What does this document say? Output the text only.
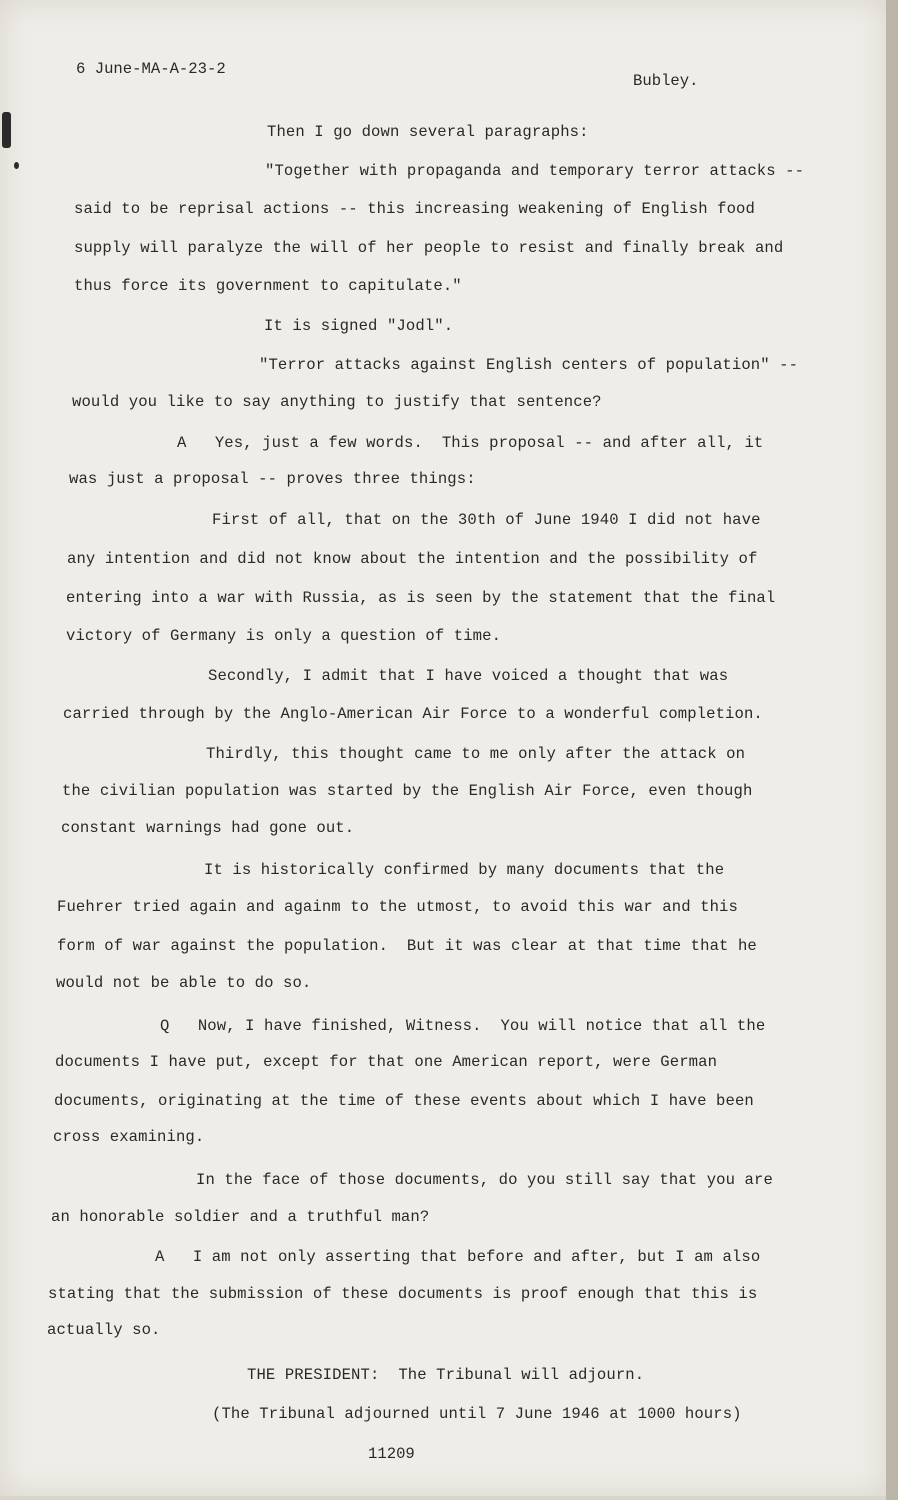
6 June-MA-A-23-2
Bubley.
Then I go down several paragraphs:
"Together with propaganda and temporary terror attacks --
said to be reprisal actions -- this increasing weakening of English food
supply will paralyze the will of her people to resist and finally break and
thus force its government to capitulate."
It is signed "Jodl".
"Terror attacks against English centers of population" --
would you like to say anything to justify that sentence?
A   Yes, just a few words.  This proposal -- and after all, it
was just a proposal -- proves three things:
First of all, that on the 30th of June 1940 I did not have
any intention and did not know about the intention and the possibility of
entering into a war with Russia, as is seen by the statement that the final
victory of Germany is only a question of time.
Secondly, I admit that I have voiced a thought that was
carried through by the Anglo-American Air Force to a wonderful completion.
Thirdly, this thought came to me only after the attack on
the civilian population was started by the English Air Force, even though
constant warnings had gone out.
It is historically confirmed by many documents that the
Fuehrer tried again and againm to the utmost, to avoid this war and this
form of war against the population.  But it was clear at that time that he
would not be able to do so.
Q   Now, I have finished, Witness.  You will notice that all the
documents I have put, except for that one American report, were German
documents, originating at the time of these events about which I have been
cross examining.
In the face of those documents, do you still say that you are
an honorable soldier and a truthful man?
A   I am not only asserting that before and after, but I am also
stating that the submission of these documents is proof enough that this is
actually so.
THE PRESIDENT:  The Tribunal will adjourn.
(The Tribunal adjourned until 7 June 1946 at 1000 hours)
11209
